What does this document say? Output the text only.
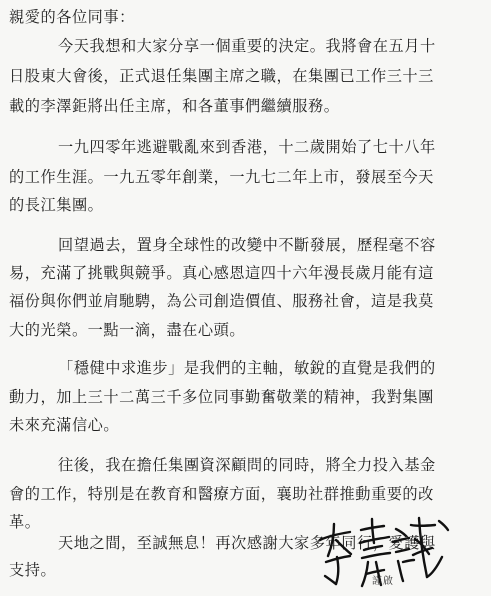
親愛的各位同事：
今天我想和大家分享一個重要的決定。我將會在五月十
日股東大會後，正式退任集團主席之職，在集團已工作三十三
載的李澤鉅將出任主席，和各董事們繼續服務。
一九四零年逃避戰亂來到香港，十二歲開始了七十八年
的工作生涯。一九五零年創業，一九七二年上市，發展至今天
的長江集團。
回望過去，置身全球性的改變中不斷發展，歷程毫不容
易，充滿了挑戰與競爭。真心感恩這四十六年漫長歲月能有這
福份與你們並肩馳騁，為公司創造價值、服務社會，這是我莫
大的光榮。一點一滴，盡在心頭。
「穩健中求進步」是我們的主軸，敏銳的直覺是我們的
動力，加上三十二萬三千多位同事勤奮敬業的精神，我對集團
未來充滿信心。
往後，我在擔任集團資深顧問的同時，將全力投入基金
會的工作，特別是在教育和醫療方面，襄助社群推動重要的改
革。
天地之間，至誠無息！再次感謝大家多年同行，愛護與
支持。
謹啟
